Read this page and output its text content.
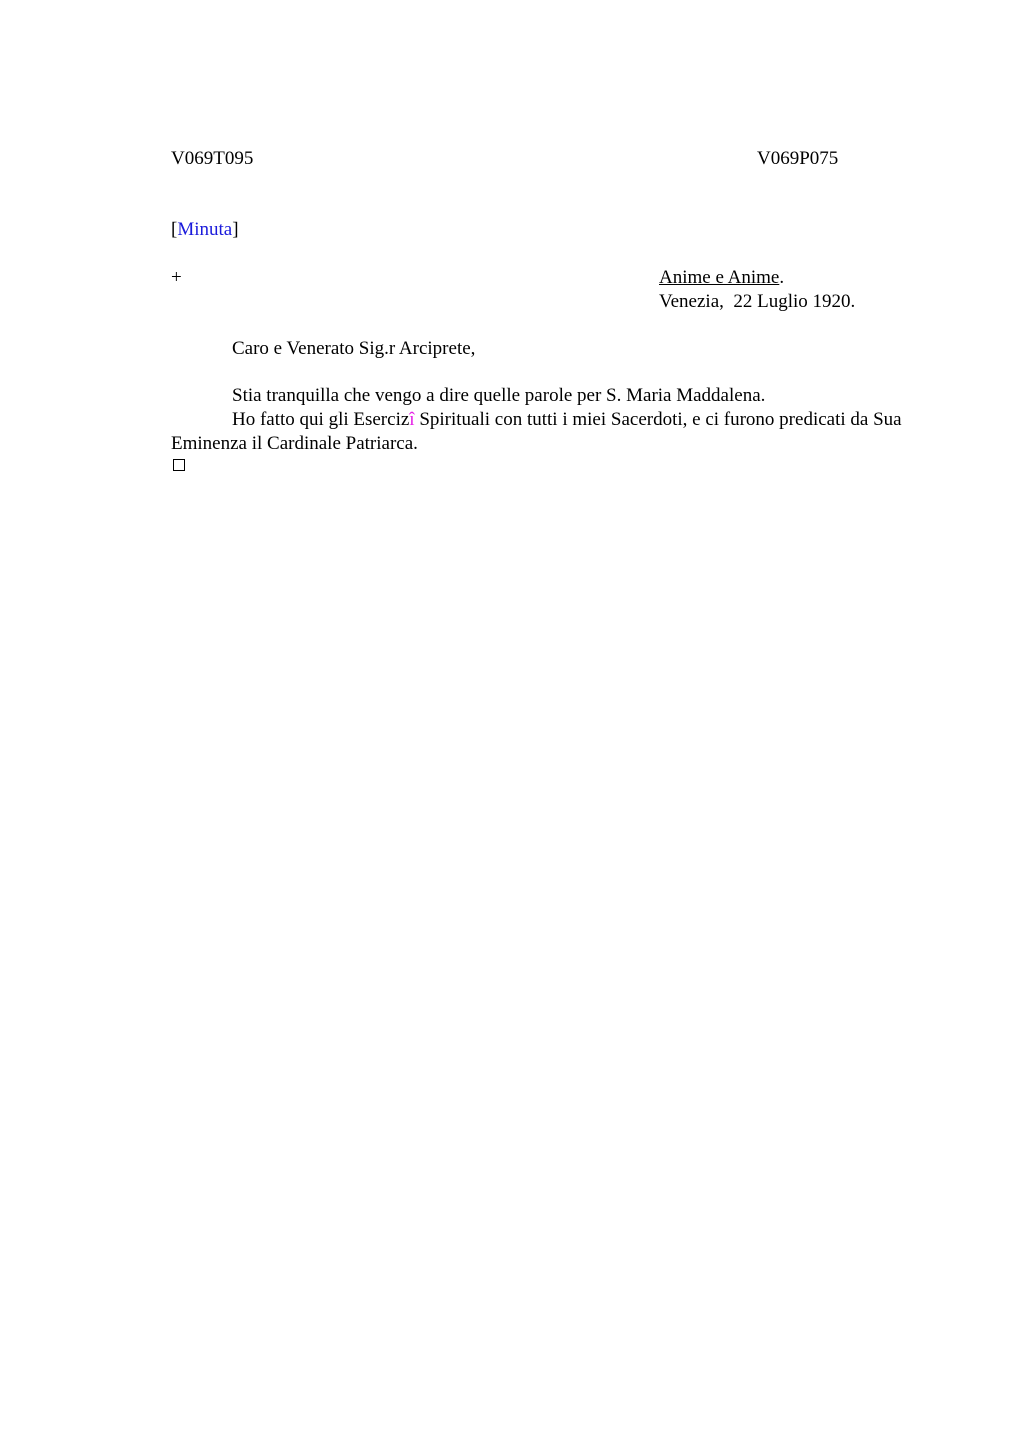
V069T095	V069P075
[Minuta]
+	Anime e Anime.
Venezia,  22 Luglio 1920.
Caro e Venerato Sig.r Arciprete,
Stia tranquilla che vengo a dire quelle parole per S. Maria Maddalena.
Ho fatto qui gli Esercizî Spirituali con tutti i miei Sacerdoti, e ci furono predicati da Sua Eminenza il Cardinale Patriarca.
